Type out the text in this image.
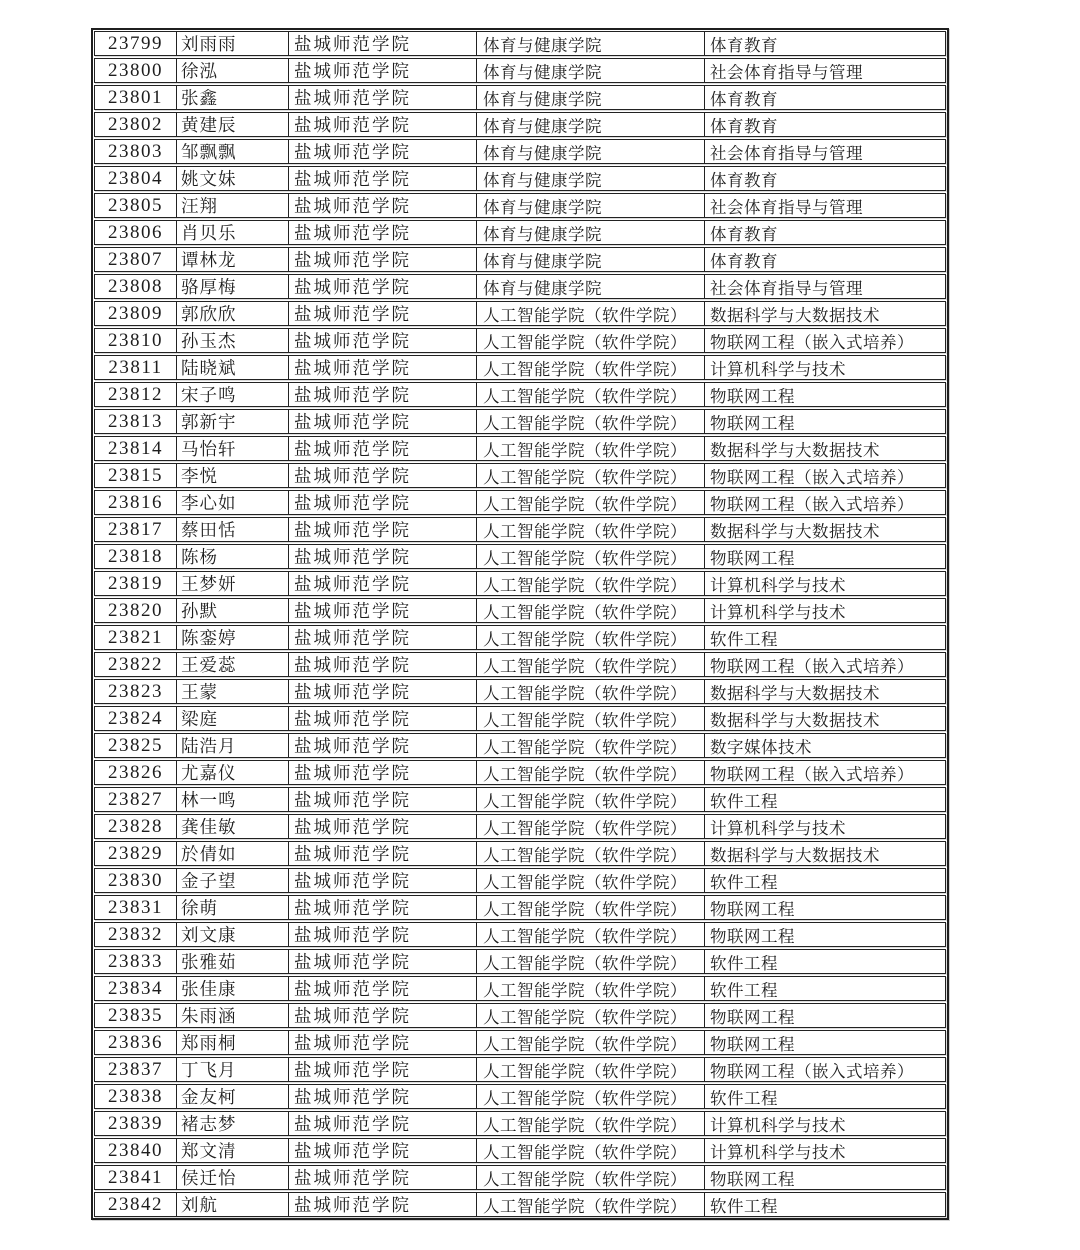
23799	刘雨雨	盐城师范学院	体育与健康学院	体育教育
23800	徐泓	盐城师范学院	体育与健康学院	社会体育指导与管理
23801	张鑫	盐城师范学院	体育与健康学院	体育教育
23802	黄建辰	盐城师范学院	体育与健康学院	体育教育
23803	邹飘飘	盐城师范学院	体育与健康学院	社会体育指导与管理
23804	姚文妹	盐城师范学院	体育与健康学院	体育教育
23805	汪翔	盐城师范学院	体育与健康学院	社会体育指导与管理
23806	肖贝乐	盐城师范学院	体育与健康学院	体育教育
23807	谭林龙	盐城师范学院	体育与健康学院	体育教育
23808	骆厚梅	盐城师范学院	体育与健康学院	社会体育指导与管理
23809	郭欣欣	盐城师范学院	人工智能学院（软件学院）	数据科学与大数据技术
23810	孙玉杰	盐城师范学院	人工智能学院（软件学院）	物联网工程（嵌入式培养）
23811	陆晓斌	盐城师范学院	人工智能学院（软件学院）	计算机科学与技术
23812	宋子鸣	盐城师范学院	人工智能学院（软件学院）	物联网工程
23813	郭新宇	盐城师范学院	人工智能学院（软件学院）	物联网工程
23814	马怡轩	盐城师范学院	人工智能学院（软件学院）	数据科学与大数据技术
23815	李悦	盐城师范学院	人工智能学院（软件学院）	物联网工程（嵌入式培养）
23816	李心如	盐城师范学院	人工智能学院（软件学院）	物联网工程（嵌入式培养）
23817	蔡田恬	盐城师范学院	人工智能学院（软件学院）	数据科学与大数据技术
23818	陈杨	盐城师范学院	人工智能学院（软件学院）	物联网工程
23819	王梦妍	盐城师范学院	人工智能学院（软件学院）	计算机科学与技术
23820	孙默	盐城师范学院	人工智能学院（软件学院）	计算机科学与技术
23821	陈銮婷	盐城师范学院	人工智能学院（软件学院）	软件工程
23822	王爱蕊	盐城师范学院	人工智能学院（软件学院）	物联网工程（嵌入式培养）
23823	王蒙	盐城师范学院	人工智能学院（软件学院）	数据科学与大数据技术
23824	梁庭	盐城师范学院	人工智能学院（软件学院）	数据科学与大数据技术
23825	陆浩月	盐城师范学院	人工智能学院（软件学院）	数字媒体技术
23826	尤嘉仪	盐城师范学院	人工智能学院（软件学院）	物联网工程（嵌入式培养）
23827	林一鸣	盐城师范学院	人工智能学院（软件学院）	软件工程
23828	龚佳敏	盐城师范学院	人工智能学院（软件学院）	计算机科学与技术
23829	於倩如	盐城师范学院	人工智能学院（软件学院）	数据科学与大数据技术
23830	金子望	盐城师范学院	人工智能学院（软件学院）	软件工程
23831	徐萌	盐城师范学院	人工智能学院（软件学院）	物联网工程
23832	刘文康	盐城师范学院	人工智能学院（软件学院）	物联网工程
23833	张雅茹	盐城师范学院	人工智能学院（软件学院）	软件工程
23834	张佳康	盐城师范学院	人工智能学院（软件学院）	软件工程
23835	朱雨涵	盐城师范学院	人工智能学院（软件学院）	物联网工程
23836	郑雨桐	盐城师范学院	人工智能学院（软件学院）	物联网工程
23837	丁飞月	盐城师范学院	人工智能学院（软件学院）	物联网工程（嵌入式培养）
23838	金友柯	盐城师范学院	人工智能学院（软件学院）	软件工程
23839	褚志梦	盐城师范学院	人工智能学院（软件学院）	计算机科学与技术
23840	郑文清	盐城师范学院	人工智能学院（软件学院）	计算机科学与技术
23841	侯迁怡	盐城师范学院	人工智能学院（软件学院）	物联网工程
23842	刘航	盐城师范学院	人工智能学院（软件学院）	软件工程
